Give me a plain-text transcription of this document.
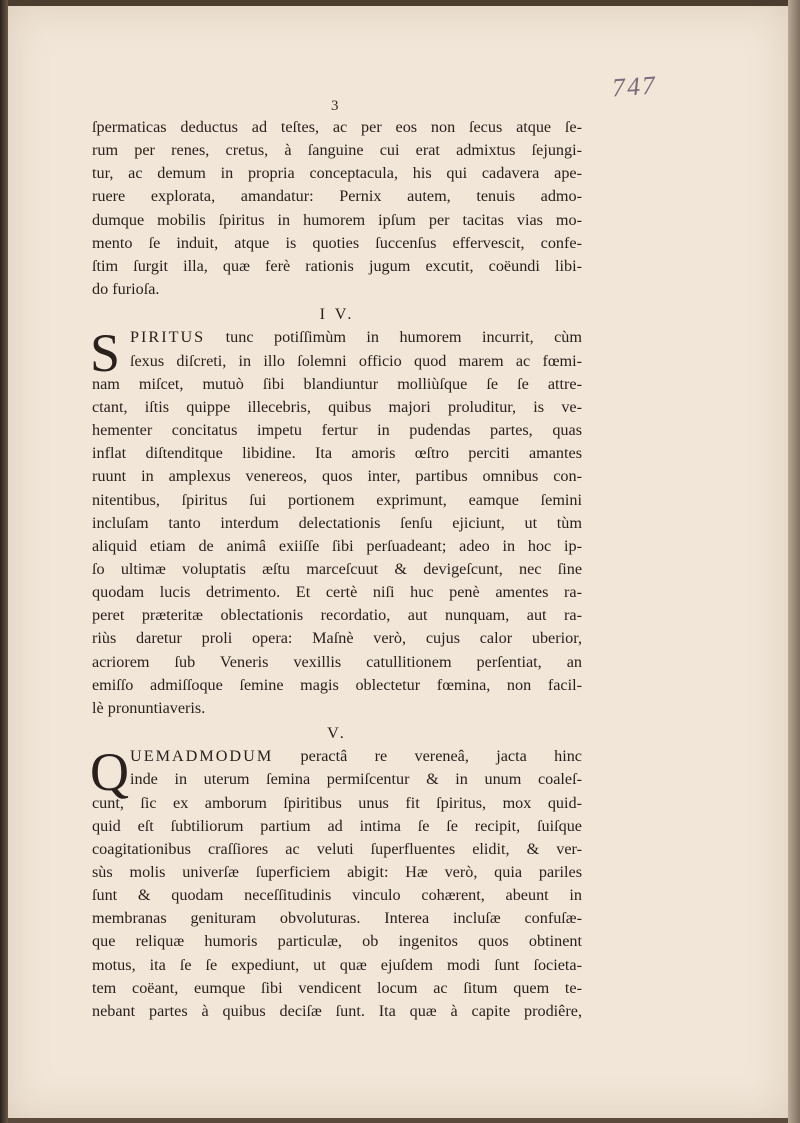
747
3
ſpermaticas deductus ad teſtes, ac per eos non ſecus atque ſe-
rum per renes, cretus, à ſanguine cui erat admixtus ſejungi-
tur, ac demum in propria conceptacula, his qui cadavera ape-
ruere explorata, amandatur: Pernix autem, tenuis admo-
dumque mobilis ſpiritus in humorem ipſum per tacitas vias mo-
mento ſe induit, atque is quoties ſuccenſus effervescit, confe-
ſtim ſurgit illa, quæ ferè rationis jugum excutit, coëundi libi-
do furioſa.
I V.
S PIRITUS tunc potiſſimùm in humorem incurrit, cùm
ſexus diſcreti, in illo ſolemni officio quod marem ac fœmi-
nam miſcet, mutuò ſibi blandiuntur molliùſque ſe ſe attre-
ctant, iſtis quippe illecebris, quibus majori proluditur, is ve-
hementer concitatus impetu fertur in pudendas partes, quas
inflat diſtenditque libidine. Ita amoris œſtro perciti amantes
ruunt in amplexus venereos, quos inter, partibus omnibus con-
nitentibus, ſpiritus ſui portionem exprimunt, eamque ſemini
incluſam tanto interdum delectationis ſenſu ejiciunt, ut tùm
aliquid etiam de animâ exiiſſe ſibi perſuadeant; adeo in hoc ip-
ſo ultimæ voluptatis æſtu marceſcuut & devigeſcunt, nec ſine
quodam lucis detrimento. Et certè niſi huc penè amentes ra-
peret præteritæ oblectationis recordatio, aut nunquam, aut ra-
riùs daretur proli opera: Maſnè verò, cujus calor uberior,
acriorem ſub Veneris vexillis catullitionem perſentiat, an
emiſſo admiſſoque ſemine magis oblectetur fœmina, non facil-
lè pronuntiaveris.
V.
Q UEMADMODUM peractâ re vereneâ, jacta hinc
inde in uterum ſemina permiſcentur & in unum coaleſ-
cunt, ſic ex amborum ſpiritibus unus fit ſpiritus, mox quid-
quid eſt ſubtiliorum partium ad intima ſe ſe recipit, ſuiſque
coagitationibus craſſiores ac veluti ſuperfluentes elidit, & ver-
sùs molis univerſæ ſuperficiem abigit: Hæ verò, quia pariles
ſunt & quodam neceſſitudinis vinculo cohærent, abeunt in
membranas genituram obvoluturas. Interea incluſæ confuſæ-
que reliquæ humoris particulæ, ob ingenitos quos obtinent
motus, ita ſe ſe expediunt, ut quæ ejuſdem modi ſunt ſocieta-
tem coëant, eumque ſibi vendicent locum ac ſitum quem te-
nebant partes à quibus deciſæ ſunt. Ita quæ à capite prodiêre,
